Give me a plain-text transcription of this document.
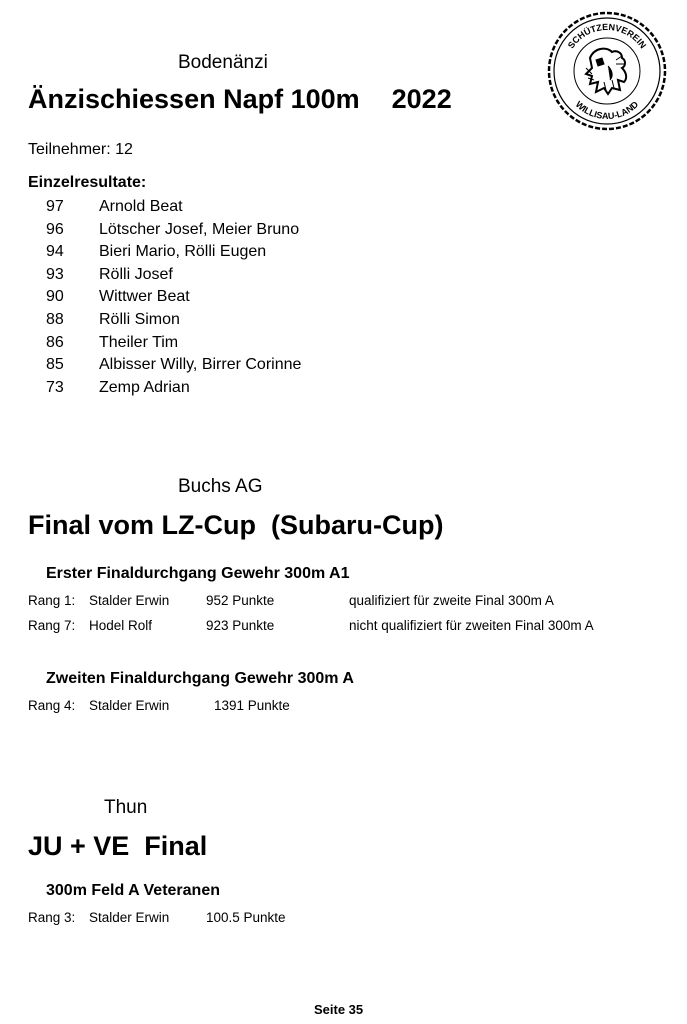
SCHÜTZENVEREIN
WILLISAU-LAND
Bodenänzi
Änzischiessen Napf 100m 2022
Teilnehmer: 12
Einzelresultate:
97 Arnold Beat
96 Lötscher Josef, Meier Bruno
94 Bieri Mario, Rölli Eugen
93 Rölli Josef
90 Wittwer Beat
88 Rölli Simon
86 Theiler Tim
85 Albisser Willy, Birrer Corinne
73 Zemp Adrian
Buchs AG
Final vom LZ-Cup  (Subaru-Cup)
Erster Finaldurchgang Gewehr 300m A1
Rang 1: Stalder Erwin	952 Punkte	qualifiziert für zweite Final 300m A
Rang 7: Hodel Rolf	923 Punkte	nicht qualifiziert für zweiten Final 300m A
Zweiten Finaldurchgang Gewehr 300m A
Rang 4: Stalder Erwin	1391 Punkte
Thun
JU + VE  Final
300m Feld A Veteranen
Rang 3: Stalder Erwin	100.5 Punkte
Seite 35
